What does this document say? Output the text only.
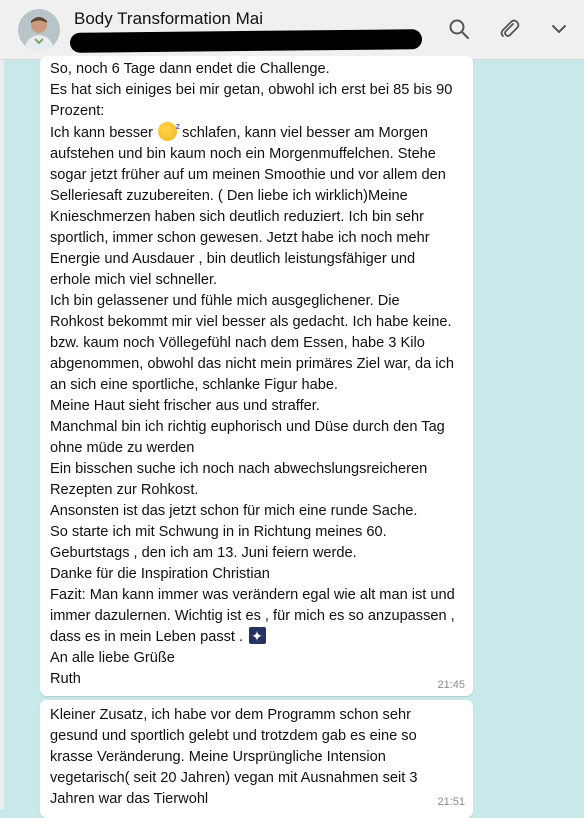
Body Transformation Mai
So, noch 6 Tage dann endet die Challenge.
Es hat sich einiges bei mir getan, obwohl ich erst bei 85 bis 90
Prozent:
Ich kann besser  z schlafen, kann viel besser am Morgen
aufstehen und bin kaum noch ein Morgenmuffelchen. Stehe
sogar jetzt früher auf um meinen Smoothie und vor allem den
Selleriesaft zuzubereiten. ( Den liebe ich wirklich)Meine
Knieschmerzen haben sich deutlich reduziert. Ich bin sehr
sportlich, immer schon gewesen. Jetzt habe ich noch mehr
Energie und Ausdauer , bin deutlich leistungsfähiger und
erhole mich viel schneller.
Ich bin gelassener und fühle mich ausgeglichener. Die
Rohkost bekommt mir viel besser als gedacht. Ich habe keine.
bzw. kaum noch Völlegefühl nach dem Essen, habe 3 Kilo
abgenommen, obwohl das nicht mein primäres Ziel war, da ich
an sich eine sportliche, schlanke Figur habe.
Meine Haut sieht frischer aus und straffer.
Manchmal bin ich richtig euphorisch und Düse durch den Tag
ohne müde zu werden
Ein bisschen suche ich noch nach abwechslungsreicheren
Rezepten zur Rohkost.
Ansonsten ist das jetzt schon für mich eine runde Sache.
So starte ich mit Schwung in in Richtung meines 60.
Geburtstags , den ich am 13. Juni feiern werde.
Danke für die Inspiration Christian
Fazit: Man kann immer was verändern egal wie alt man ist und
immer dazulernen. Wichtig ist es , für mich es so anzupassen ,
dass es in mein Leben passt .  ✦
An alle liebe Grüße
Ruth	21:45
Kleiner Zusatz, ich habe vor dem Programm schon sehr
gesund und sportlich gelebt und trotzdem gab es eine so
krasse Veränderung. Meine Ursprüngliche Intension
vegetarisch( seit 20 Jahren) vegan mit Ausnahmen seit 3
Jahren war das Tierwohl	21:51
